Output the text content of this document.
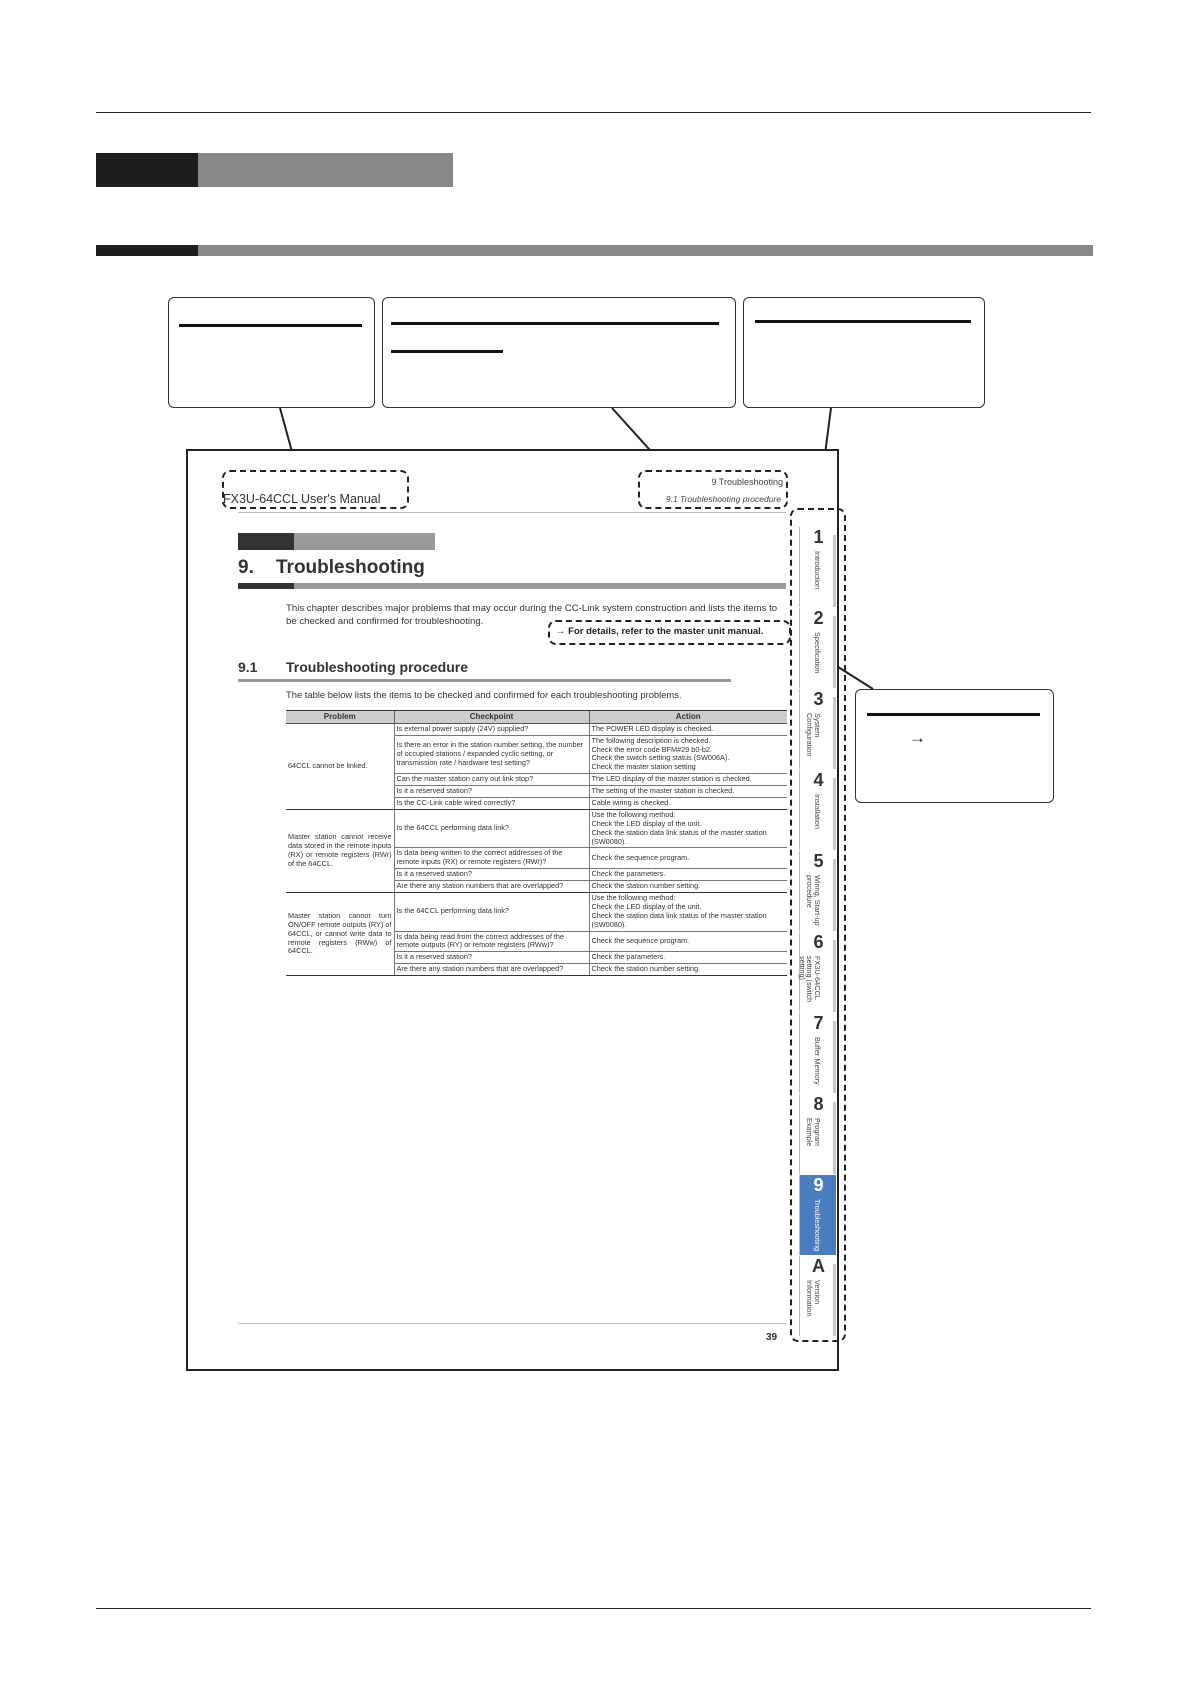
→
FX3U-64CCL User's Manual
9 Troubleshooting
9.1 Troubleshooting procedure
9. Troubleshooting
This chapter describes major problems that may occur during the CC-Link system construction and lists the items to be checked and confirmed for troubleshooting.
→ For details, refer to the master unit manual.
9.1 Troubleshooting procedure
The table below lists the items to be checked and confirmed for each troubleshooting problems.
Problem	Checkpoint	Action
64CCL cannot be linked.	Is external power supply (24V) supplied?	The POWER LED display is checked.
	Is there an error in the station number setting, the number of occupied stations / expanded cyclic setting, or transmission rate / hardware test setting?	The following description is checked.
Check the error code BFM#29 b0-b2.
Check the switch setting status (SW006A).
Check the master station setting
	Can the master station carry out link stop?	The LED display of the master station is checked.
	Is it a reserved station?	The setting of the master station is checked.
	Is the CC-Link cable wired correctly?	Cable wiring is checked.
Master station cannot receive data stored in the remote inputs (RX) or remote registers (RWr) of the 64CCL.	Is the 64CCL performing data link?	Use the following method:
Check the LED display of the unit.
Check the station data link status of the master station (SW0080).
	Is data being written to the correct addresses of the remote inputs (RX) or remote registers (RWr)?	Check the sequence program.
	Is it a reserved station?	Check the parameters.
	Are there any station numbers that are overlapped?	Check the station number setting.
Master station cannot turn ON/OFF remote outputs (RY) of 64CCL, or cannot write data to remote registers (RWw) of 64CCL.	Is the 64CCL performing data link?	Use the following method:
Check the LED display of the unit.
Check the station data link status of the master station (SW0080).
	Is data being read from the correct addresses of the remote outputs (RY) or remote registers (RWw)?	Check the sequence program.
	Is it a reserved station?	Check the parameters.
	Are there any station numbers that are overlapped?	Check the station number setting.
1
Introduction
2
Specification
3
System
Configuration
4
Installation
5
Wiring, Start-up
procedure
6
FX3U-64CCL
setting (switch
setting)
7
Buffer Memory
8
Program
Example
9
Troubleshooting
A
Version
Information
39
